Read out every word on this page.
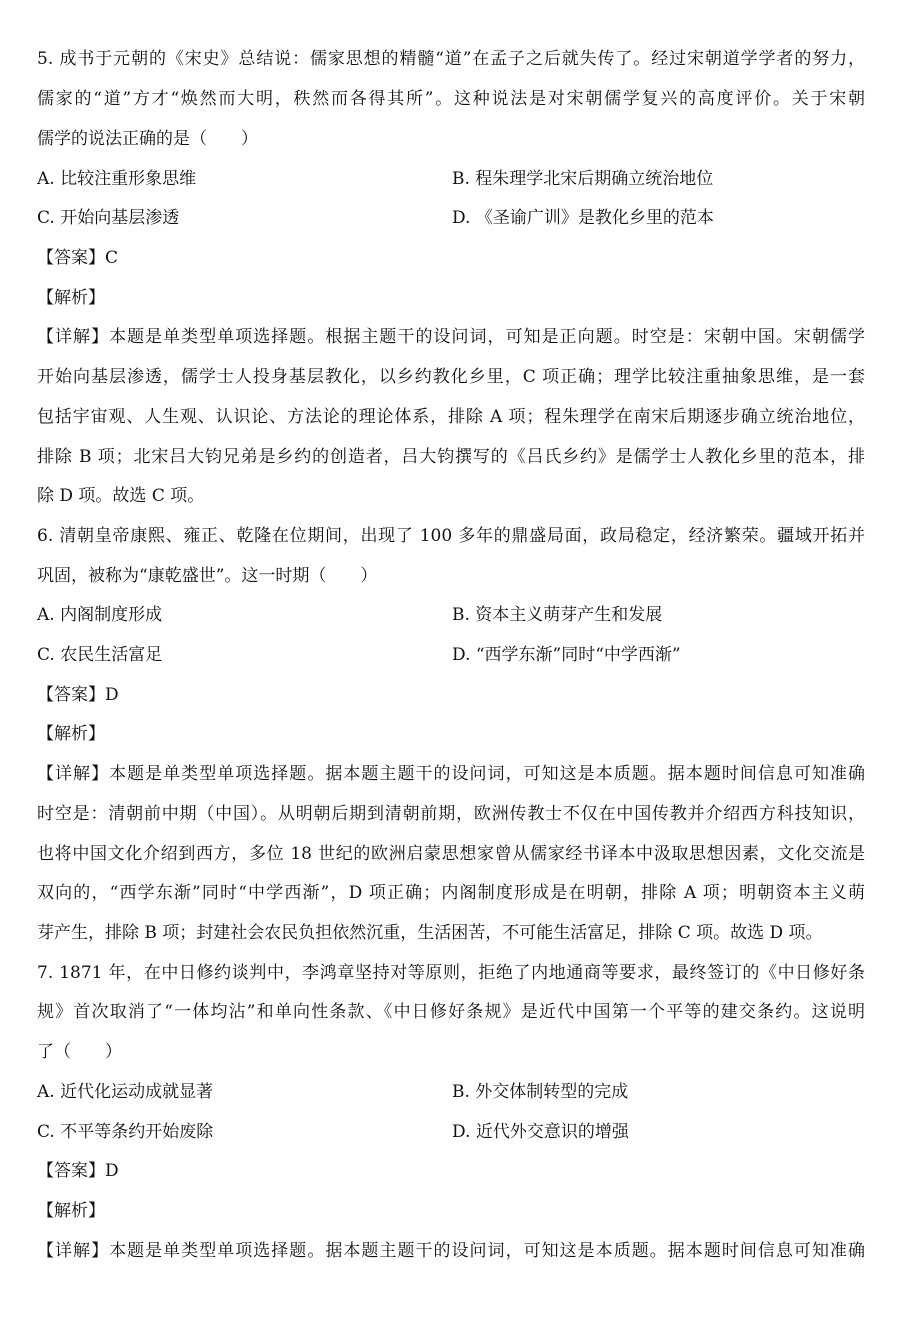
5. 成书于元朝的《宋史》总结说：儒家思想的精髓“道”在孟子之后就失传了。经过宋朝道学学者的努力，
儒家的“道”方才“焕然而大明，秩然而各得其所”。这种说法是对宋朝儒学复兴的高度评价。关于宋朝
儒学的说法正确的是（　　）
A. 比较注重形象思维	B. 程朱理学北宋后期确立统治地位
C. 开始向基层渗透	D. 《圣谕广训》是教化乡里的范本
【答案】C
【解析】
【详解】本题是单类型单项选择题。根据主题干的设问词，可知是正向题。时空是：宋朝中国。宋朝儒学
开始向基层渗透，儒学士人投身基层教化，以乡约教化乡里，C 项正确；理学比较注重抽象思维，是一套
包括宇宙观、人生观、认识论、方法论的理论体系，排除 A 项；程朱理学在南宋后期逐步确立统治地位，
排除 B 项；北宋吕大钧兄弟是乡约的创造者，吕大钧撰写的《吕氏乡约》是儒学士人教化乡里的范本，排
除 D 项。故选 C 项。
6. 清朝皇帝康熙、雍正、乾隆在位期间，出现了 100 多年的鼎盛局面，政局稳定，经济繁荣。疆域开拓并
巩固，被称为“康乾盛世”。这一时期（　　）
A. 内阁制度形成	B. 资本主义萌芽产生和发展
C. 农民生活富足	D. “西学东渐”同时“中学西渐”
【答案】D
【解析】
【详解】本题是单类型单项选择题。据本题主题干的设问词，可知这是本质题。据本题时间信息可知准确
时空是：清朝前中期（中国）。从明朝后期到清朝前期，欧洲传教士不仅在中国传教并介绍西方科技知识，
也将中国文化介绍到西方，多位 18 世纪的欧洲启蒙思想家曾从儒家经书译本中汲取思想因素，文化交流是
双向的，“西学东渐”同时“中学西渐”，D 项正确；内阁制度形成是在明朝，排除 A 项；明朝资本主义萌
芽产生，排除 B 项；封建社会农民负担依然沉重，生活困苦，不可能生活富足，排除 C 项。故选 D 项。
7. 1871 年，在中日修约谈判中，李鸿章坚持对等原则，拒绝了内地通商等要求，最终签订的《中日修好条
规》首次取消了“一体均沾”和单向性条款、《中日修好条规》是近代中国第一个平等的建交条约。这说明
了（　　）
A. 近代化运动成就显著	B. 外交体制转型的完成
C. 不平等条约开始废除	D. 近代外交意识的增强
【答案】D
【解析】
【详解】本题是单类型单项选择题。据本题主题干的设问词，可知这是本质题。据本题时间信息可知准确
